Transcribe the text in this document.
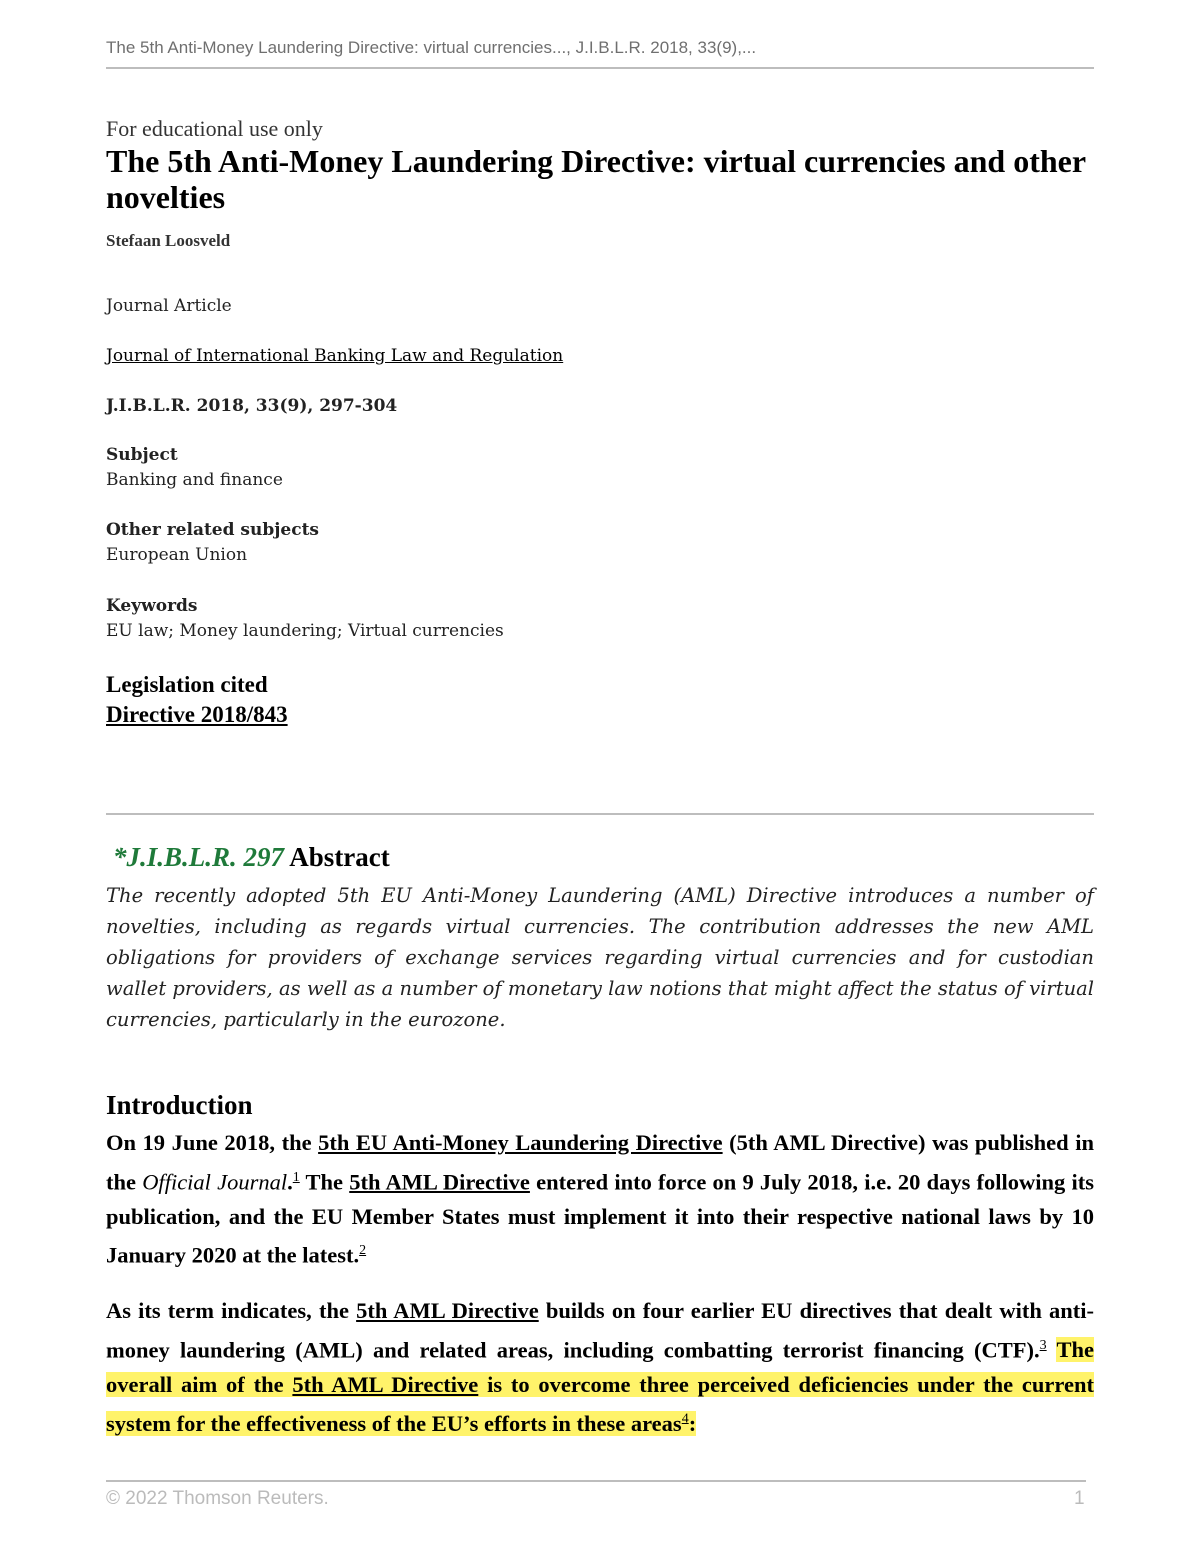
The 5th Anti-Money Laundering Directive: virtual currencies..., J.I.B.L.R. 2018, 33(9),...
For educational use only
The 5th Anti-Money Laundering Directive: virtual currencies and other novelties
Stefaan Loosveld
Journal Article
Journal of International Banking Law and Regulation
J.I.B.L.R. 2018, 33(9), 297-304
Subject
Banking and finance
Other related subjects
European Union
Keywords
EU law; Money laundering; Virtual currencies
Legislation cited
Directive 2018/843
*J.I.B.L.R. 297 Abstract

The recently adopted 5th EU Anti-Money Laundering (AML) Directive introduces a number of novelties, including as regards virtual currencies. The contribution addresses the new AML obligations for providers of exchange services regarding virtual currencies and for custodian wallet providers, as well as a number of monetary law notions that might affect the status of virtual currencies, particularly in the eurozone.

Introduction

On 19 June 2018, the 5th EU Anti-Money Laundering Directive (5th AML Directive) was published in the Official Journal.$^1$ The 5th AML Directive entered into force on 9 July 2018, i.e. 20 days following its publication, and the EU Member States must implement it into their respective national laws by 10 January 2020 at the latest.$^2$

As its term indicates, the 5th AML Directive builds on four earlier EU directives that dealt with anti-money laundering (AML) and related areas, including combatting terrorist financing (CTF).$^3$ The overall aim of the 5th AML Directive is to overcome three perceived deficiencies under the current system for the effectiveness of the EU’s efforts in these areas$^4$:

© 2022 Thomson Reuters.	1
